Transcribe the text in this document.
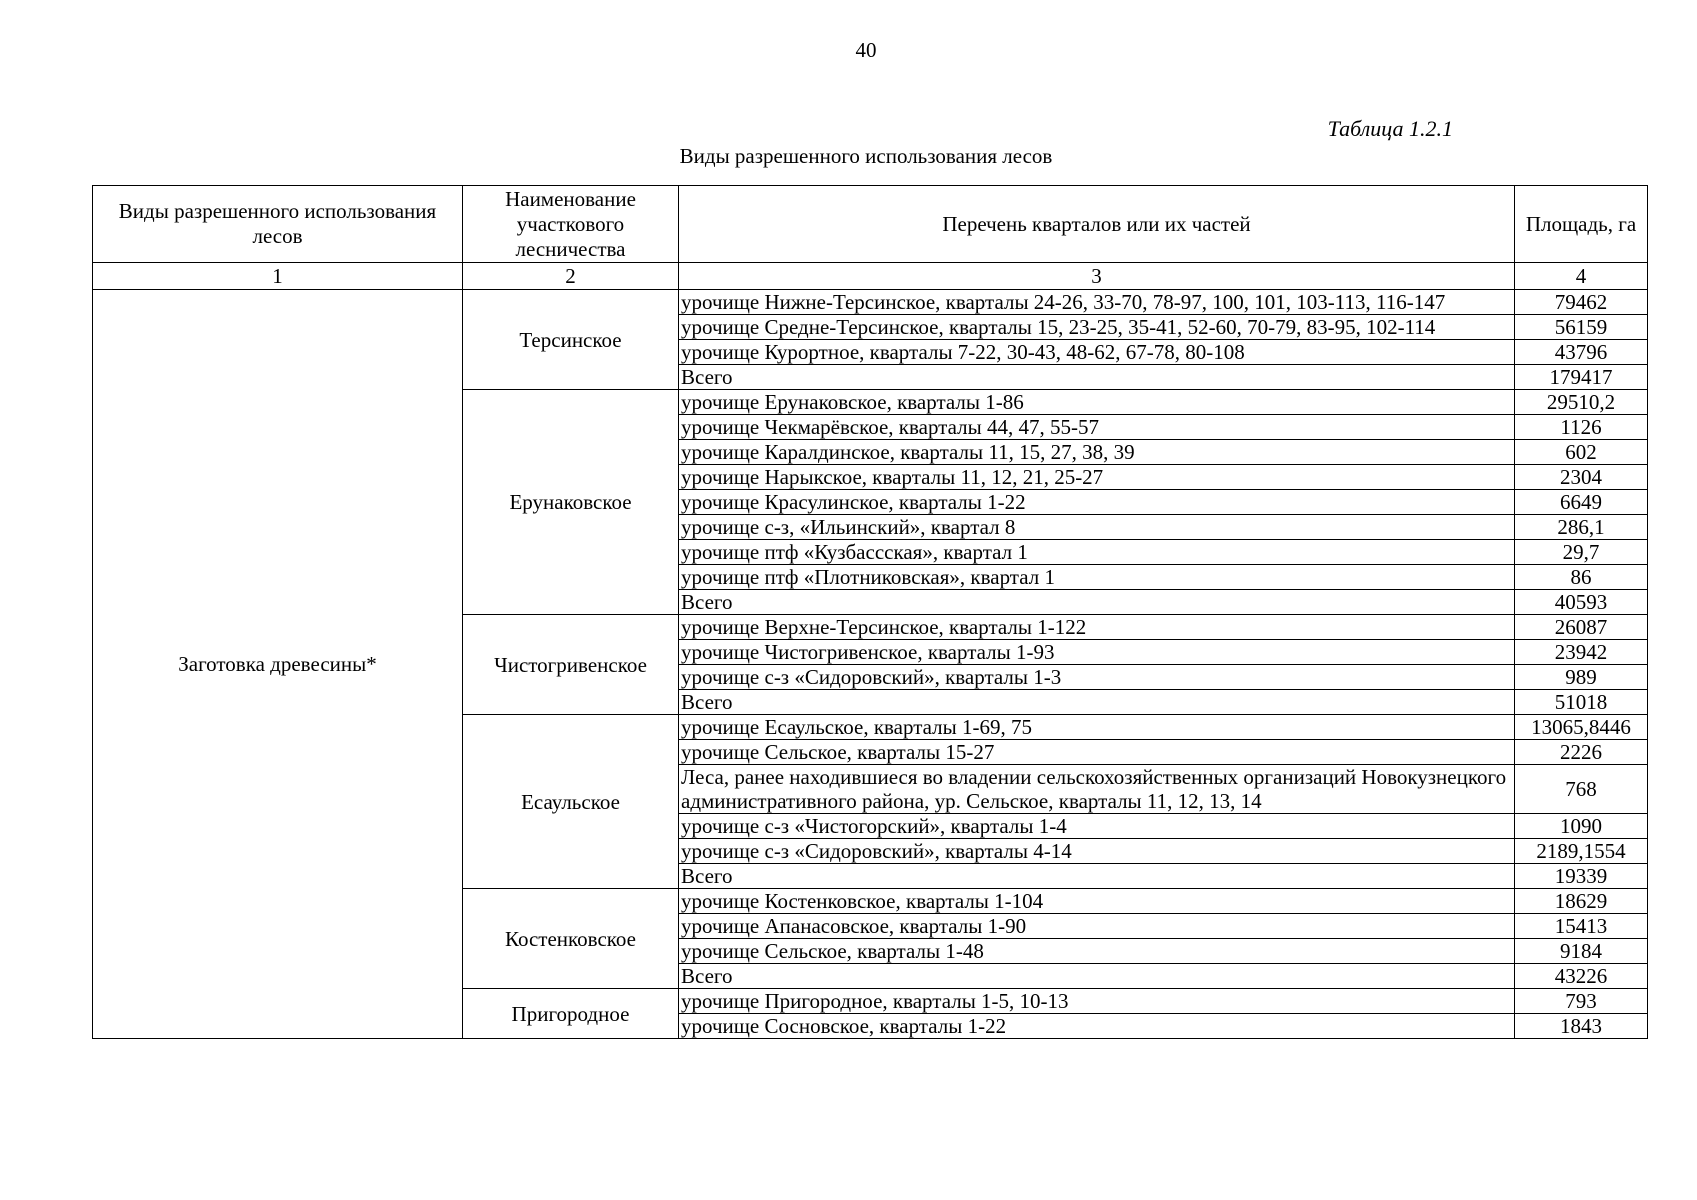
40
Таблица 1.2.1
Виды разрешенного использования лесов
Виды разрешенного использования лесов	Наименование участкового лесничества	Перечень кварталов или их частей	Площадь, га
1	2	3	4
Заготовка древесины*	Терсинское	урочище Нижне-Терсинское, кварталы 24-26, 33-70, 78-97, 100, 101, 103-113, 116-147	79462
		урочище Средне-Терсинское, кварталы 15, 23-25, 35-41, 52-60, 70-79, 83-95, 102-114	56159
		урочище Курортное, кварталы 7-22, 30-43, 48-62, 67-78, 80-108	43796
		Всего	179417
	Ерунаковское	урочище Ерунаковское, кварталы 1-86	29510,2
		урочище Чекмарёвское, кварталы 44, 47, 55-57	1126
		урочище Каралдинское, кварталы 11, 15, 27, 38, 39	602
		урочище Нарыкское, кварталы 11, 12, 21, 25-27	2304
		урочище Красулинское, кварталы 1-22	6649
		урочище с-з, «Ильинский», квартал 8	286,1
		урочище птф «Кузбассская», квартал 1	29,7
		урочище птф «Плотниковская», квартал 1	86
		Всего	40593
	Чистогривенское	урочище Верхне-Терсинское, кварталы 1-122	26087
		урочище Чистогривенское, кварталы 1-93	23942
		урочище с-з «Сидоровский», кварталы 1-3	989
		Всего	51018
	Есаульское	урочище Есаульское, кварталы 1-69, 75	13065,8446
		урочище Сельское, кварталы 15-27	2226
		Леса, ранее находившиеся во владении сельскохозяйственных организаций Новокузнецкого административного района, ур. Сельское, кварталы 11, 12, 13, 14	768
		урочище с-з «Чистогорский», кварталы 1-4	1090
		урочище с-з «Сидоровский», кварталы 4-14	2189,1554
		Всего	19339
	Костенковское	урочище Костенковское, кварталы 1-104	18629
		урочище Апанасовское, кварталы 1-90	15413
		урочище Сельское, кварталы 1-48	9184
		Всего	43226
	Пригородное	урочище Пригородное, кварталы 1-5, 10-13	793
		урочище Сосновское, кварталы 1-22	1843
